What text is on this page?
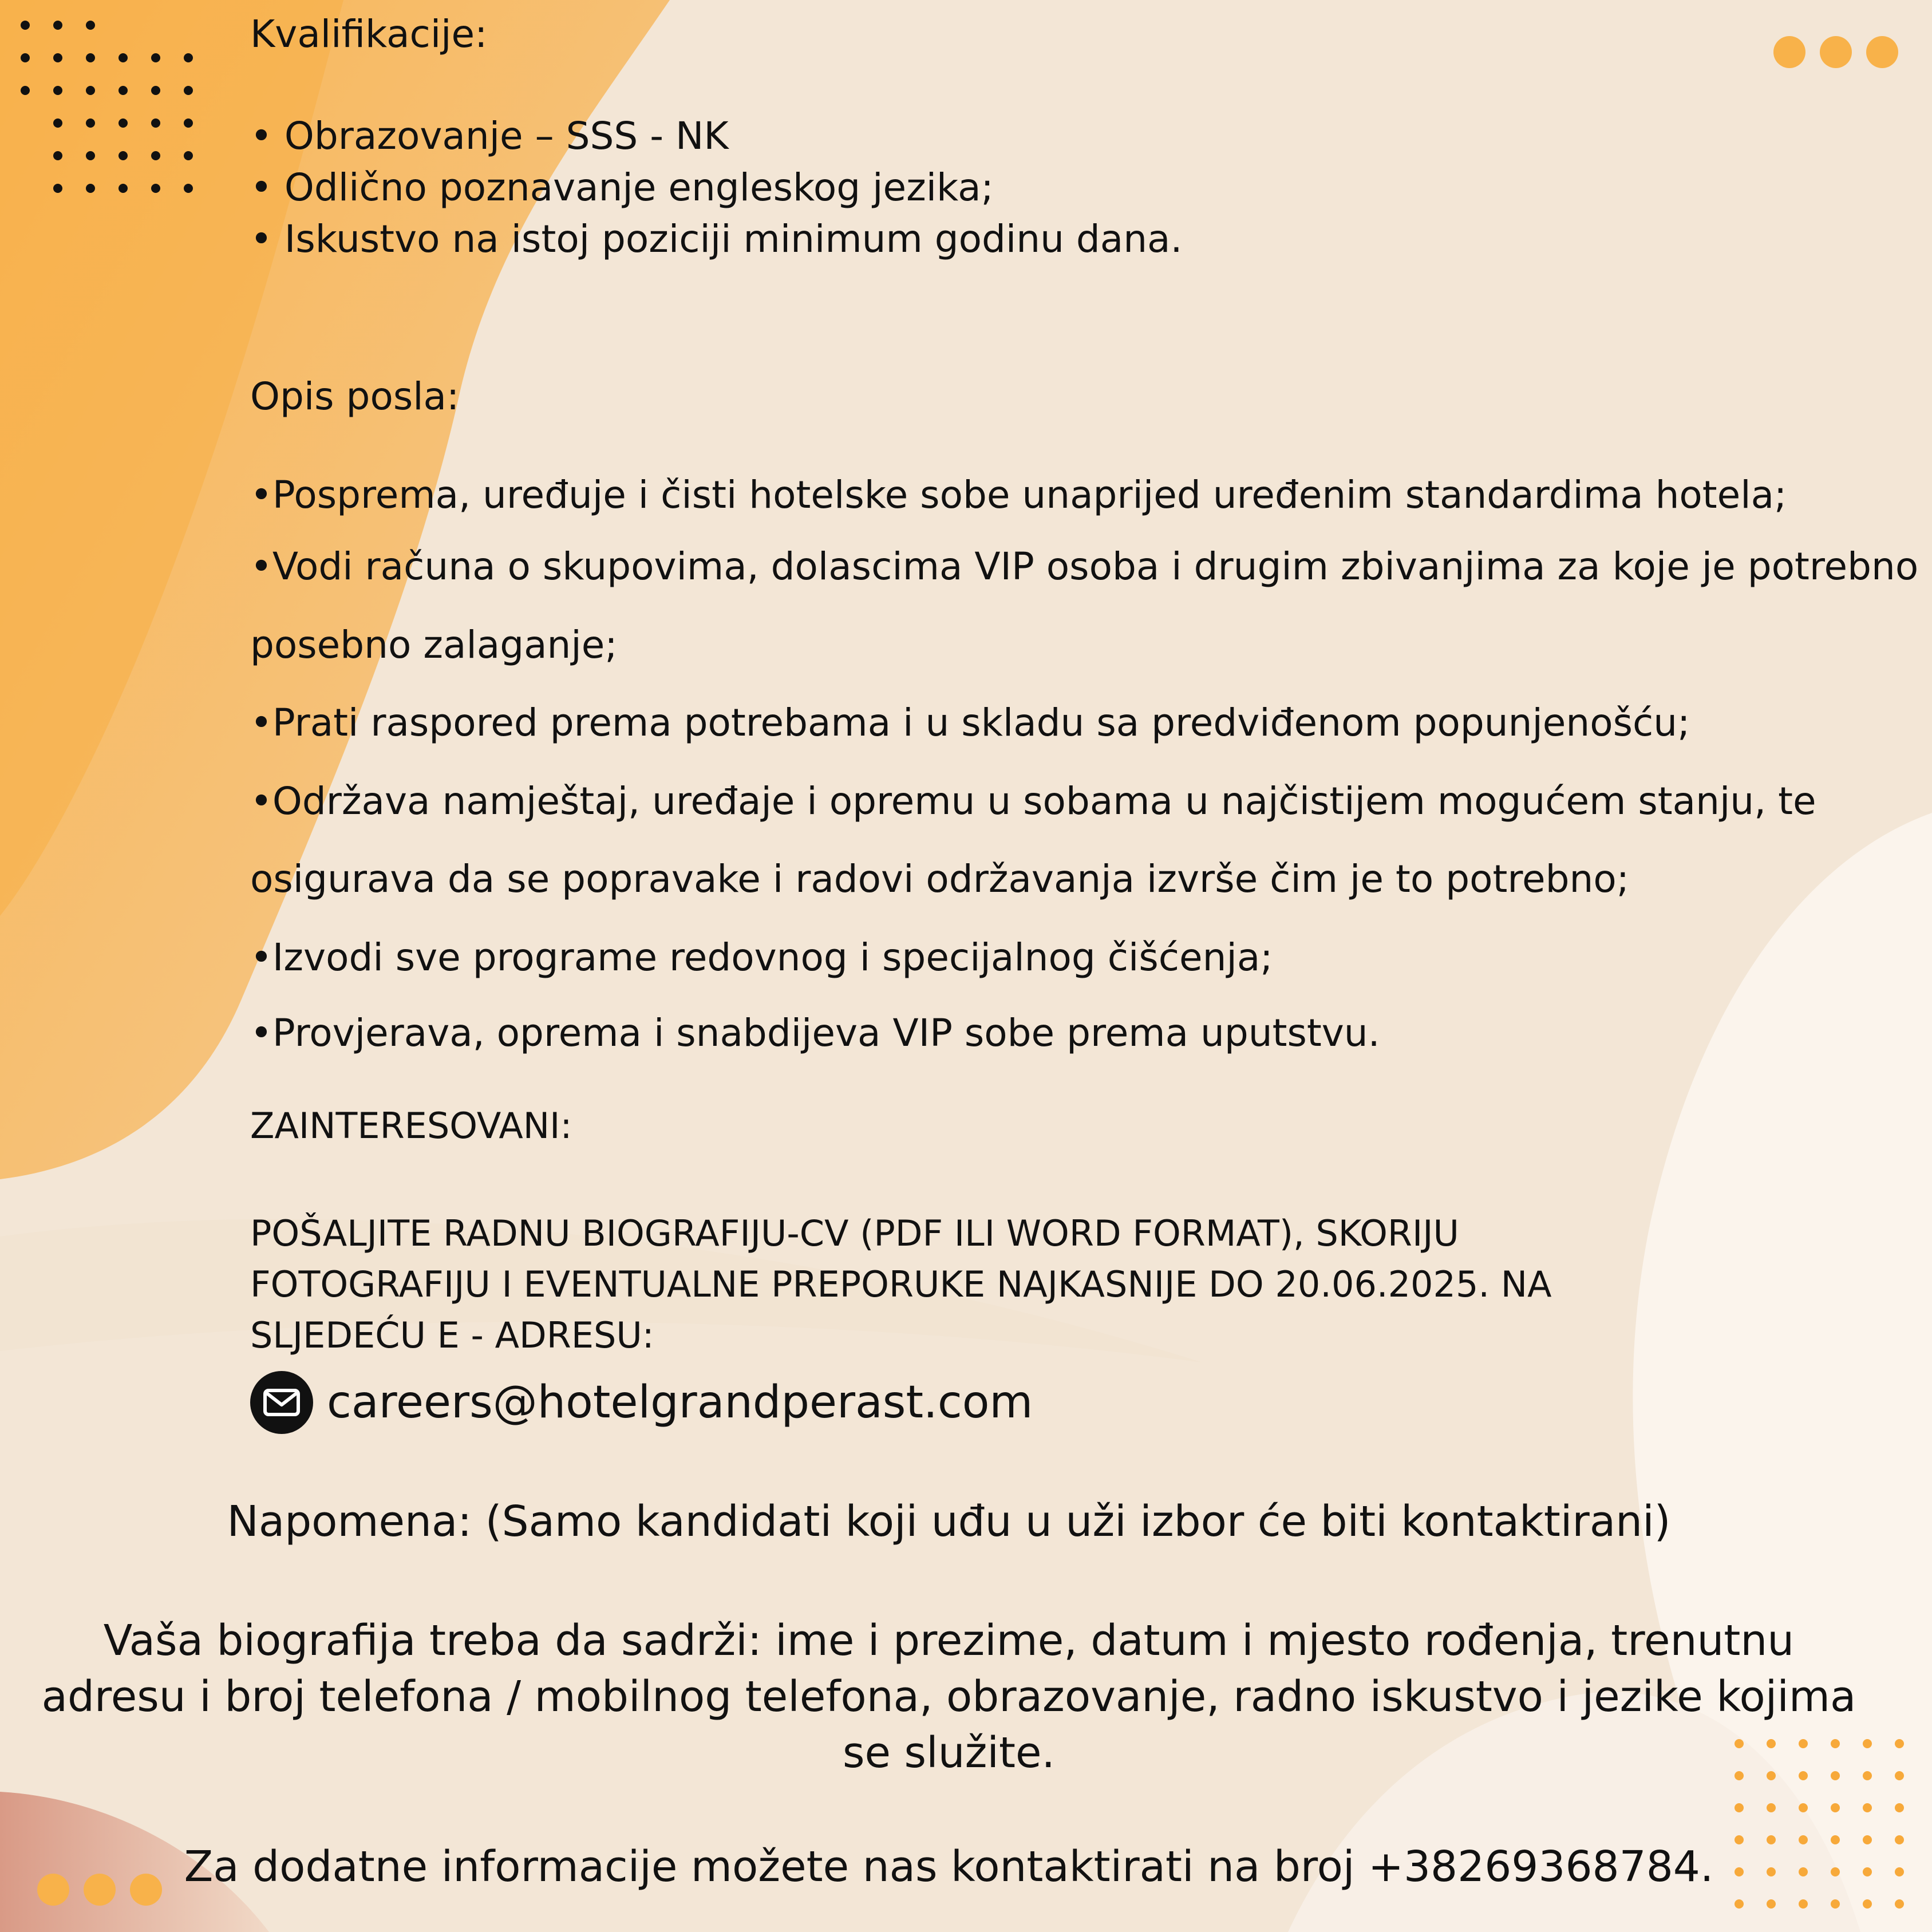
Kvalifikacije:
• Obrazovanje – SSS - NK
• Odlično poznavanje engleskog jezika;
• Iskustvo na istoj poziciji minimum godinu dana.
Opis posla:
•Posprema, uređuje i čisti hotelske sobe unaprijed uređenim standardima hotela;
•Vodi računa o skupovima, dolascima VIP osoba i drugim zbivanjima za koje je potrebno
posebno zalaganje;
•Prati raspored prema potrebama i u skladu sa predviđenom popunjenošću;
•Održava namještaj, uređaje i opremu u sobama u najčistijem mogućem stanju, te
osigurava da se popravake i radovi održavanja izvrše čim je to potrebno;
•Izvodi sve programe redovnog i specijalnog čišćenja;
•Provjerava, oprema i snabdijeva VIP sobe prema uputstvu.
ZAINTERESOVANI:
POŠALJITE RADNU BIOGRAFIJU-CV (PDF ILI WORD FORMAT), SKORIJU
FOTOGRAFIJU I EVENTUALNE PREPORUKE NAJKASNIJE DO 20.06.2025. NA
SLJEDEĆU E - ADRESU:
careers@hotelgrandperast.com
Napomena: (Samo kandidati koji uđu u uži izbor će biti kontaktirani)
Vaša biografija treba da sadrži: ime i prezime, datum i mjesto rođenja, trenutnu
adresu i broj telefona / mobilnog telefona, obrazovanje, radno iskustvo i jezike kojima
se služite.
Za dodatne informacije možete nas kontaktirati na broj +38269368784.
